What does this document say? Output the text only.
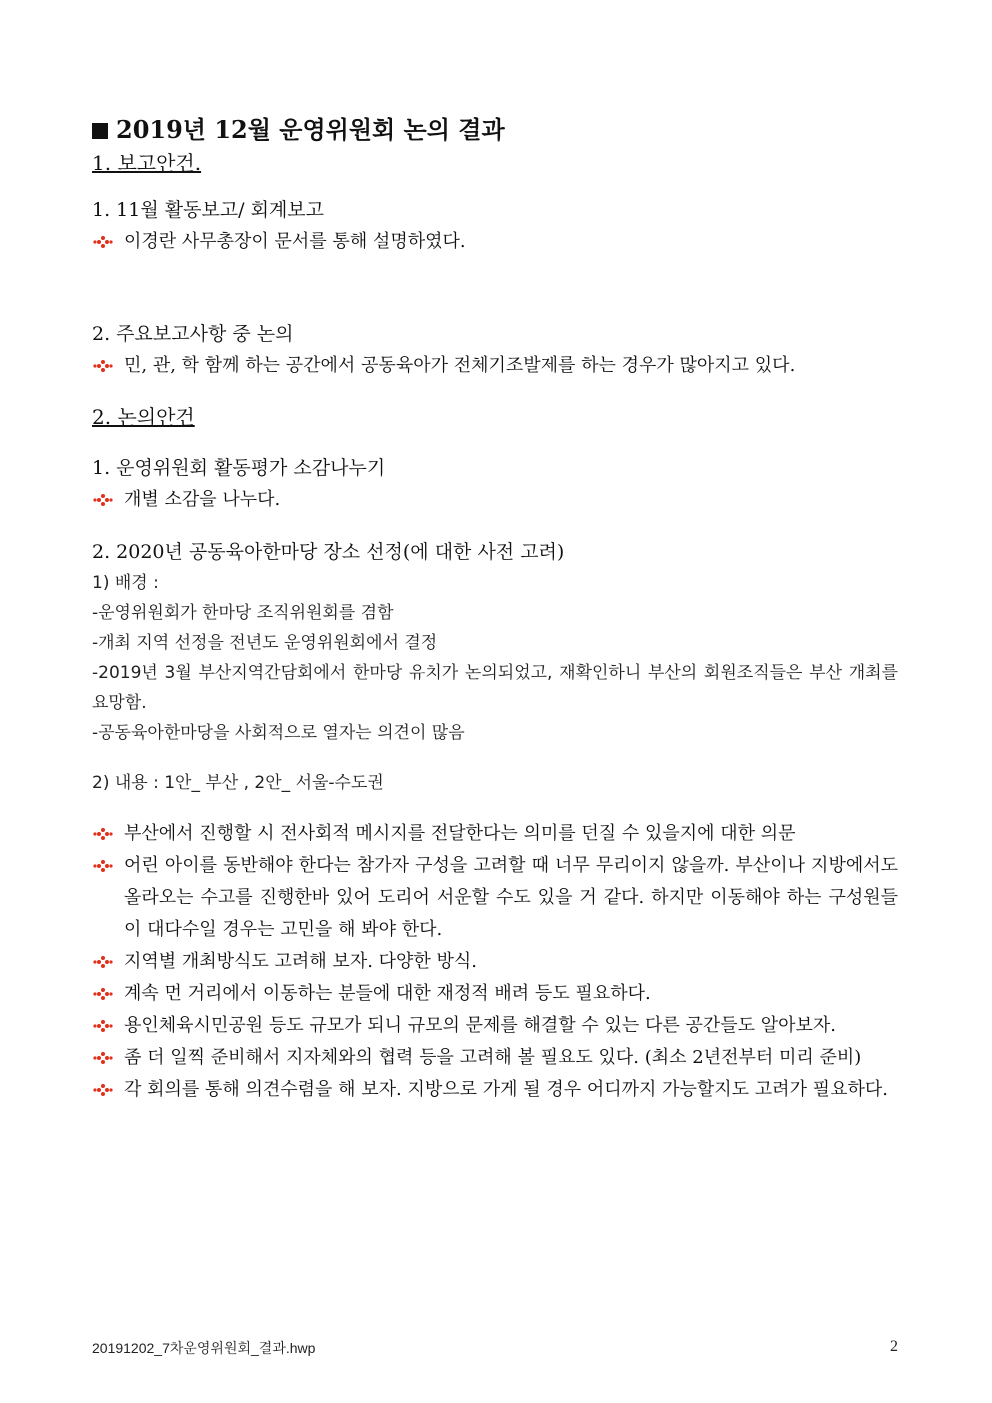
2019년 12월 운영위원회 논의 결과

1. 보고안건.

1. 11월 활동보고/ 회계보고

이경란 사무총장이 문서를 통해 설명하였다.

2. 주요보고사항 중 논의

민, 관, 학 함께 하는 공간에서 공동육아가 전체기조발제를 하는 경우가 많아지고 있다.

2. 논의안건

1. 운영위원회 활동평가 소감나누기

개별 소감을 나누다.

2. 2020년 공동육아한마당 장소 선정(에 대한 사전 고려)

1) 배경 :

-운영위원회가 한마당 조직위원회를 겸함

-개최 지역 선정을 전년도 운영위원회에서 결정

-2019년 3월 부산지역간담회에서 한마당 유치가 논의되었고, 재확인하니 부산의 회원조직들은 부산 개최를 요망함.

-공동육아한마당을 사회적으로 열자는 의견이 많음

2) 내용 : 1안_ 부산 , 2안_ 서울-수도권

부산에서 진행할 시 전사회적 메시지를 전달한다는 의미를 던질 수 있을지에 대한 의문

어린 아이를 동반해야 한다는 참가자 구성을 고려할 때 너무 무리이지 않을까. 부산이나 지방에서도 올라오는 수고를 진행한바 있어 도리어 서운할 수도 있을 거 같다. 하지만 이동해야 하는 구성원들이 대다수일 경우는 고민을 해 봐야 한다.

지역별 개최방식도 고려해 보자. 다양한 방식.

계속 먼 거리에서 이동하는 분들에 대한 재정적 배려 등도 필요하다.

용인체육시민공원 등도 규모가 되니 규모의 문제를 해결할 수 있는 다른 공간들도 알아보자.

좀 더 일찍 준비해서 지자체와의 협력 등을 고려해 볼 필요도 있다. (최소 2년전부터 미리 준비)

각 회의를 통해 의견수렴을 해 보자. 지방으로 가게 될 경우 어디까지 가능할지도 고려가 필요하다.

20191202_7차운영위원회_결과.hwp	2
